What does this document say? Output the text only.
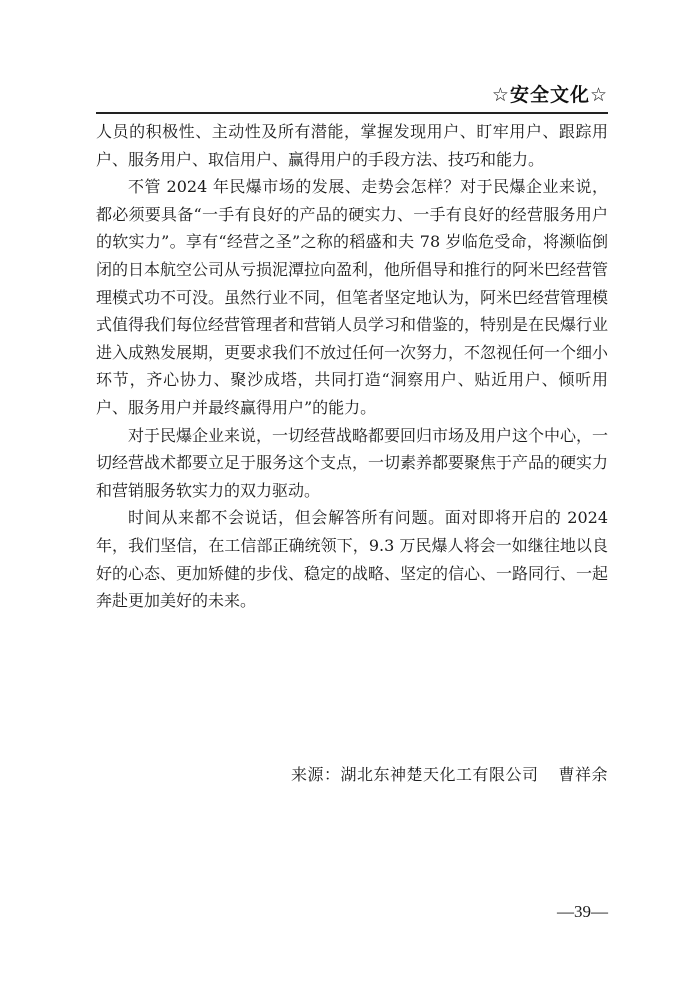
☆安全文化☆

人员的积极性、主动性及所有潜能，掌握发现用户、盯牢用户、跟踪用户、服务用户、取信用户、赢得用户的手段方法、技巧和能力。

不管 2024 年民爆市场的发展、走势会怎样？对于民爆企业来说，都必须要具备“一手有良好的产品的硬实力、一手有良好的经营服务用户的软实力”。享有“经营之圣”之称的稻盛和夫 78 岁临危受命，将濒临倒闭的日本航空公司从亏损泥潭拉向盈利，他所倡导和推行的阿米巴经营管理模式功不可没。虽然行业不同，但笔者坚定地认为，阿米巴经营管理模式值得我们每位经营管理者和营销人员学习和借鉴的，特别是在民爆行业进入成熟发展期，更要求我们不放过任何一次努力，不忽视任何一个细小环节，齐心协力、聚沙成塔，共同打造“洞察用户、贴近用户、倾听用户、服务用户并最终赢得用户”的能力。

对于民爆企业来说，一切经营战略都要回归市场及用户这个中心，一切经营战术都要立足于服务这个支点，一切素养都要聚焦于产品的硬实力和营销服务软实力的双力驱动。

时间从来都不会说话，但会解答所有问题。面对即将开启的 2024 年，我们坚信，在工信部正确统领下，9.3 万民爆人将会一如继往地以良好的心态、更加矫健的步伐、稳定的战略、坚定的信心、一路同行、一起奔赴更加美好的未来。

来源：湖北东神楚天化工有限公司 曹祥余
—39—
